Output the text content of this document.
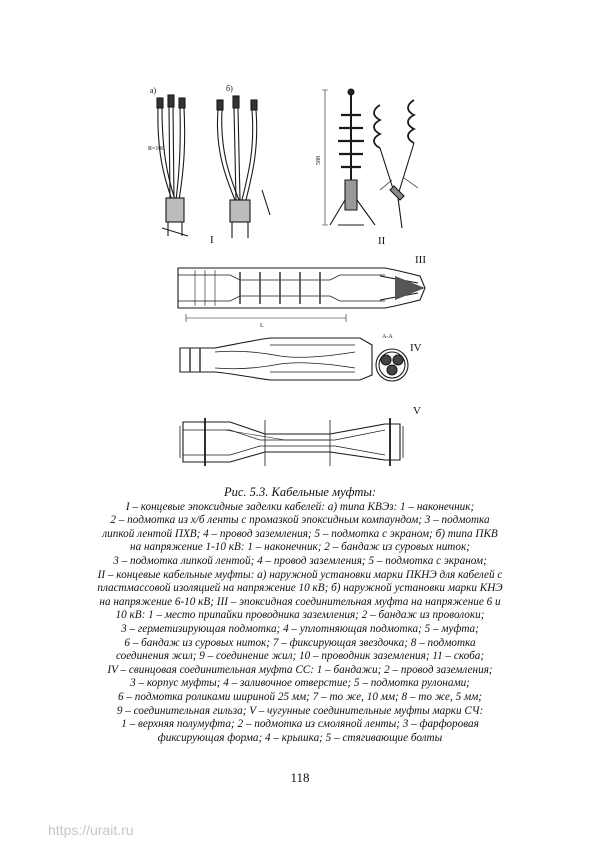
a)
R=100
б)
I
588
II
L
III
А-А
IV
V
Рис. 5.3. Кабельные муфты:
I – концевые эпоксидные заделки кабелей: а) типа КВЭз: 1 – наконечник;
2 – подмотка из х/б ленты с промазкой эпоксидным компаундом; 3 – подмотка
липкой лентой ПХВ; 4 – провод заземления; 5 – подмотка с экраном; б) типа ПКВ
на напряжение 1-10 кВ: 1 – наконечник; 2 – бандаж из суровых ниток;
3 – подмотка липкой лентой; 4 – провод заземления; 5 – подмотка с экраном;
II – концевые кабельные муфты: а) наружной установки марки ПКНЭ для кабелей с
пластмассовой изоляцией на напряжение 10 кВ; б) наружной установки марки КНЭ
на напряжение 6-10 кВ; III – эпоксидная соединительная муфта на напряжение 6 и
10 кВ: 1 – место припайки проводника заземления; 2 – бандаж из проволоки;
3 – герметизирующая подмотка; 4 – уплотняющая подмотка; 5 – муфта;
6 – бандаж из суровых ниток; 7 – фиксирующая звездочка; 8 – подмотка
соединения жил; 9 – соединение жил; 10 – проводник заземления; 11 – скоба;
IV – свинцовая соединительная муфта СС: 1 – бандажи; 2 – провод заземления;
3 – корпус муфты; 4 – заливочное отверстие; 5 – подмотка рулонами;
6 – подмотка роликами шириной 25 мм; 7 – то же, 10 мм; 8 – то же, 5 мм;
9 – соединительная гильза; V – чугунные соединительные муфты марки СЧ:
1 – верхняя полумуфта; 2 – подмотка из смоляной ленты; 3 – фарфоровая
фиксирующая форма; 4 – крышка; 5 – стягивающие болты
118
https://urait.ru
